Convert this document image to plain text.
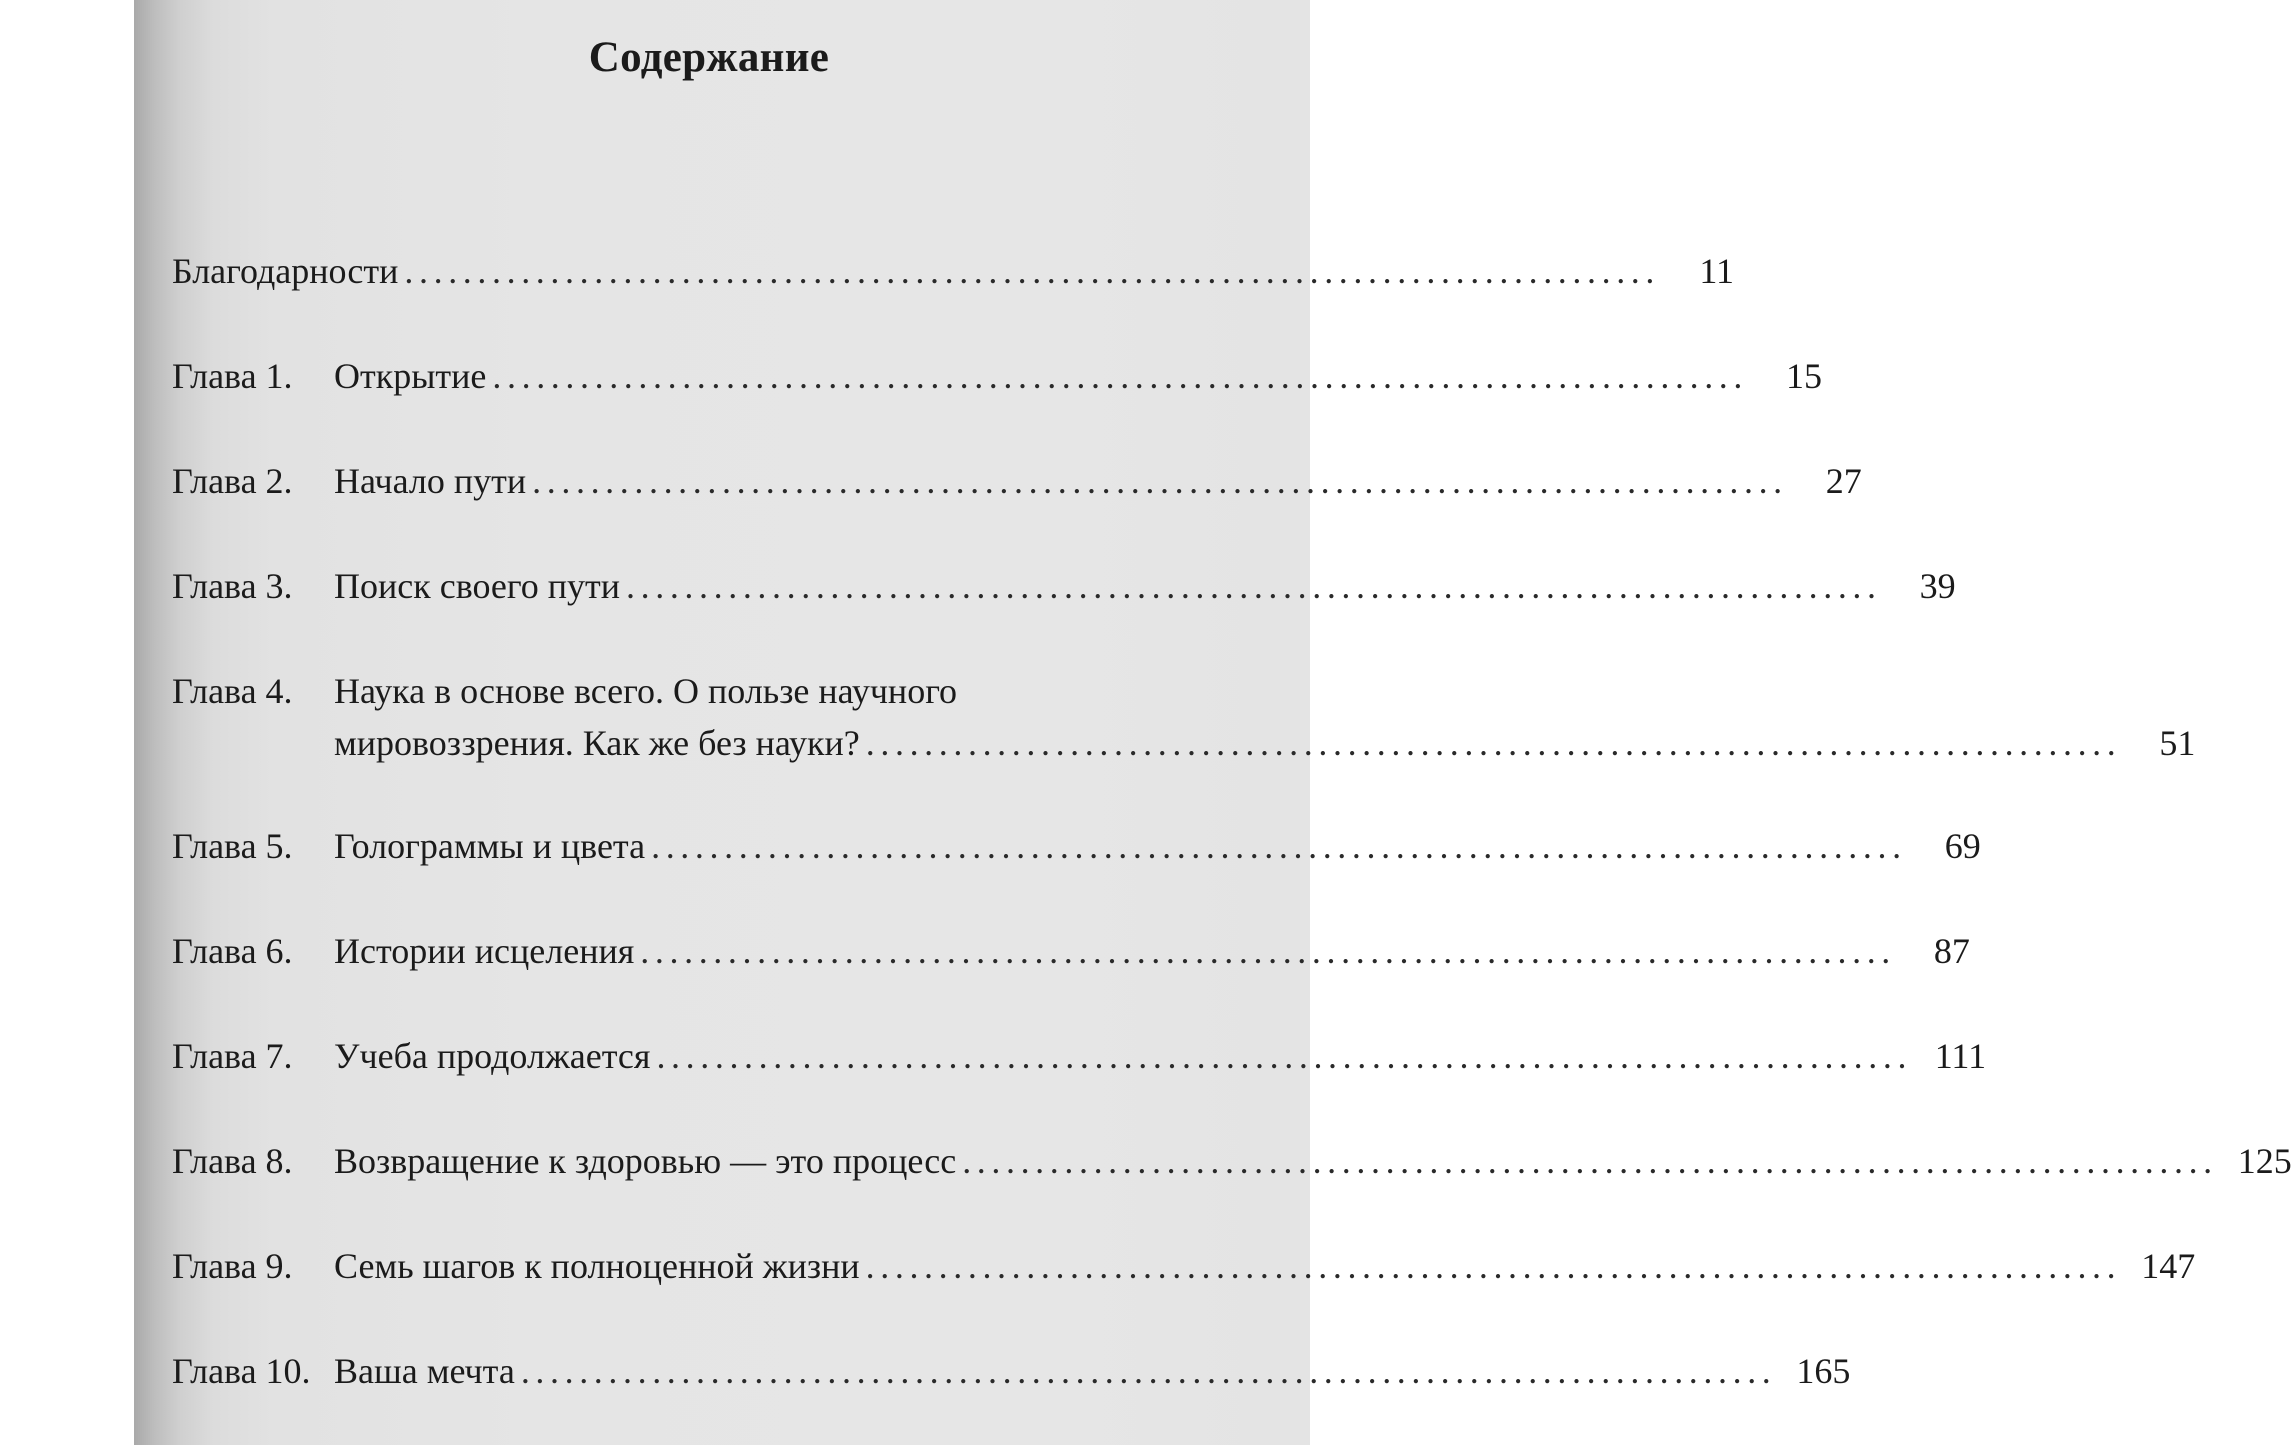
Содержание
Благодарности ......................................................................................	11
Глава 1. Открытие ......................................................................................	15
Глава 2. Начало пути ......................................................................................	27
Глава 3. Поиск своего пути ......................................................................................	39
Глава 4. Наука в основе всего. О пользе научного
мировоззрения. Как же без науки? ......................................................................................	51
Глава 5. Голограммы и цвета ......................................................................................	69
Глава 6. Истории исцеления ......................................................................................	87
Глава 7. Учеба продолжается ...................................................................................... 111
Глава 8. Возвращение к здоровью — это процесс ...................................................................................... 125
Глава 9. Семь шагов к полноценной жизни ...................................................................................... 147
Глава 10. Ваша мечта ...................................................................................... 165
